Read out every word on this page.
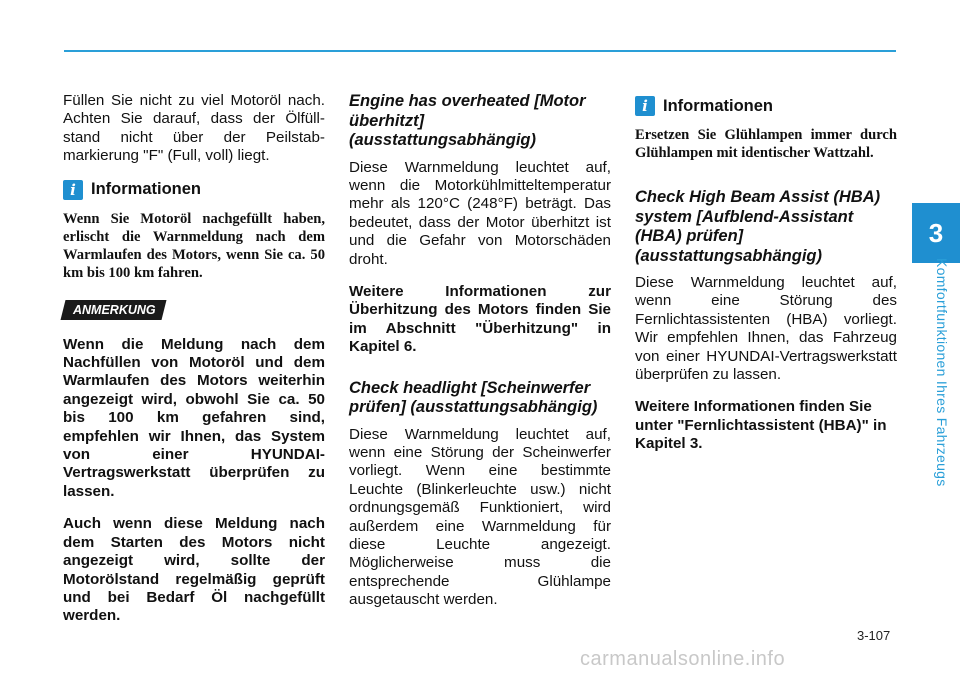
3
Komfortfunktionen Ihres Fahrzeugs

Füllen Sie nicht zu viel Motoröl nach. Achten Sie darauf, dass der Ölfüll-stand nicht über der Peilstab-markierung "F" (Full, voll) liegt.

i Informationen

Wenn Sie Motoröl nachgefüllt haben, erlischt die Warnmeldung nach dem Warmlaufen des Motors, wenn Sie ca. 50 km bis 100 km fahren.

ANMERKUNG

Wenn die Meldung nach dem Nachfüllen von Motoröl und dem Warmlaufen des Motors weiterhin angezeigt wird, obwohl Sie ca. 50 bis 100 km gefahren sind, empfehlen wir Ihnen, das System von einer HYUNDAI-Vertragswerkstatt überprüfen zu lassen.

Auch wenn diese Meldung nach dem Starten des Motors nicht angezeigt wird, sollte der Motorölstand regelmäßig geprüft und bei Bedarf Öl nachgefüllt werden.

Engine has overheated [Motor überhitzt] (ausstattungsabhängig)

Diese Warnmeldung leuchtet auf, wenn die Motorkühlmitteltemperatur mehr als 120°C (248°F) beträgt. Das bedeutet, dass der Motor überhitzt ist und die Gefahr von Motorschäden droht.

Weitere Informationen zur Überhitzung des Motors finden Sie im Abschnitt "Überhitzung" in Kapitel 6.

Check headlight [Scheinwerfer prüfen] (ausstattungsabhängig)

Diese Warnmeldung leuchtet auf, wenn eine Störung der Scheinwerfer vorliegt. Wenn eine bestimmte Leuchte (Blinkerleuchte usw.) nicht ordnungsgemäß Funktioniert, wird außerdem eine Warnmeldung für diese Leuchte angezeigt. Möglicherweise muss die entsprechende Glühlampe ausgetauscht werden.

i Informationen

Ersetzen Sie Glühlampen immer durch Glühlampen mit identischer Wattzahl.

Check High Beam Assist (HBA) system [Aufblend-Assistant (HBA) prüfen] (ausstattungsabhängig)

Diese Warnmeldung leuchtet auf, wenn eine Störung des Fernlichtassistenten (HBA) vorliegt. Wir empfehlen Ihnen, das Fahrzeug von einer HYUNDAI-Vertragswerkstatt überprüfen zu lassen.

Weitere Informationen finden Sie unter "Fernlichtassistent (HBA)" in Kapitel 3.

3-107
carmanualsonline.info
